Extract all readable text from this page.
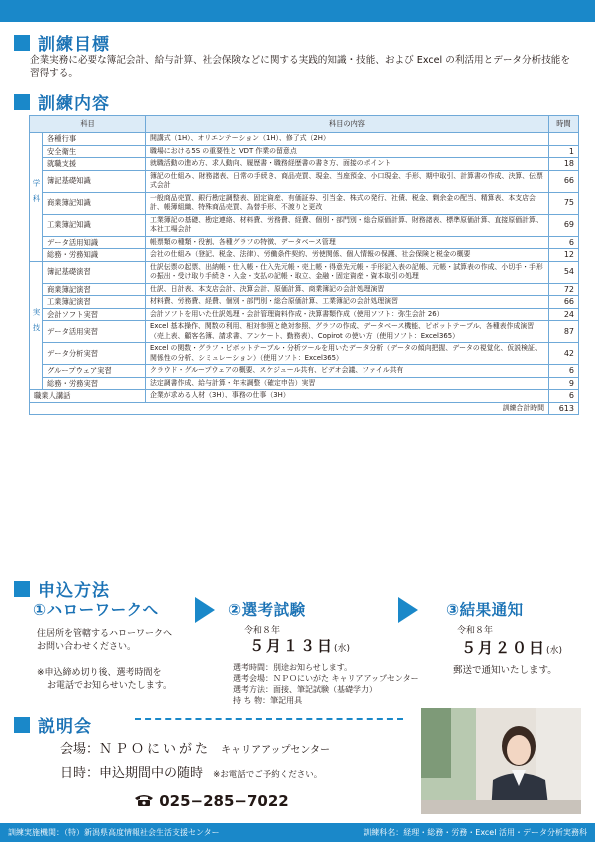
訓練目標
企業実務に必要な簿記会計、給与計算、社会保険などに関する実践的知識・技能、および Excel の利活用とデータ分析技能を習得する。
訓練内容
科目		科目の内容	時間
学科	各種行事	開講式（1H）、オリエンテーション（1H）、修了式（2H）	
	安全衛生	職場における5S の重要性と VDT 作業の留意点	1
	就職支援	就職活動の進め方、求人動向、履歴書・職務経歴書の書き方、面接のポイント	18
	簿記基礎知識	簿記の仕組み、財務諸表、日常の手続き、商品売買、現金、当座預金、小口現金、手形、期中取引、計算書の作成、決算、伝票式会計	66
	商業簿記知識	一般商品売買、銀行勘定調整表、固定資産、有価証券、引当金、株式の発行、社債、税金、剰余金の配当、精算表、本支店会計、帳簿組織、特殊商品売買、為替手形、不渡りと更改	75
	工業簿記知識	工業簿記の基礎、勘定連絡、材料費、労務費、経費、個別・部門別・総合原価計算、財務諸表、標準原価計算、直接原価計算、本社工場会計	69
	データ活用知識	帳票類の種類・役割、各種グラフの特徴、データベース管理	6
	総務・労務知識	会社の仕組み（登記、税金、法律）、労働条件契約、労使関係、個人情報の保護、社会保険と税金の概要	12
実技	簿記基礎演習	仕訳伝票の起票、出納帳・仕入帳・仕入先元帳・売上帳・得意先元帳・手形記入表の記帳、元帳・試算表の作成、小切手・手形の振出・受け取り手続き・入金・支払の記帳・取立、金融・固定資産・資本取引の処理	54
	商業簿記演習	仕訳、日計表、本支店会計、決算会計、原価計算、商業簿記の会計処理演習	72
	工業簿記演習	材料費、労務費、経費、個別・部門別・総合原価計算、工業簿記の会計処理演習	66
	会計ソフト実習	会計ソフトを用いた仕訳処理・会計管理資料作成・決算書類作成（使用ソフト：弥生会計 26）	24
	データ活用実習	Excel 基本操作、関数の利用、相対参照と絶対参照、グラフの作成、データベース機能、ピボットテーブル、各種表作成演習（売上表、顧客名簿、請求書、アンケート、勤務表）、Copirot の使い方（使用ソフト：Excel365）	87
	データ分析実習	Excel の関数・グラフ・ピボットテーブル・分析ツールを用いたデータ分析（データの傾向把握、データの視覚化、仮説検証、関係性の分析、シミュレーション）（使用ソフト：Excel365）	42
	グループウェア実習	クラウド・グループウェアの概要、スケジュール共有、ビデオ会議、ファイル共有	6
	総務・労務実習	法定調書作成、給与計算・年末調整（確定申告）実習	9
職業人講話		企業が求める人材（3H）、事務の仕事（3H）	6
訓練合計時間			613
申込方法
①ハローワークへ	②選考試験	③結果通知
住居所を管轄するハローワークへ
お問い合わせください。
※申込締め切り後、選考時間を
お電話でお知らせいたします。
令和８年
５月１３日(水)
選考時間：別途お知らせします。
選考会場：ＮＰＯにいがた キャリアアップセンター
選考方法：面接、筆記試験（基礎学力）
持 ち 物：筆記用具
令和８年
５月２０日(水)
郵送で通知いたします。
説明会
会場：ＮＰＯにいがた キャリアアップセンター
日時：申込期間中の随時 ※お電話でご予約ください。
025−285−7022
訓練実施機関：（特）新潟県高度情報社会生活支援センター	訓練科名：経理・総務・労務・Excel 活用・データ分析実務科
